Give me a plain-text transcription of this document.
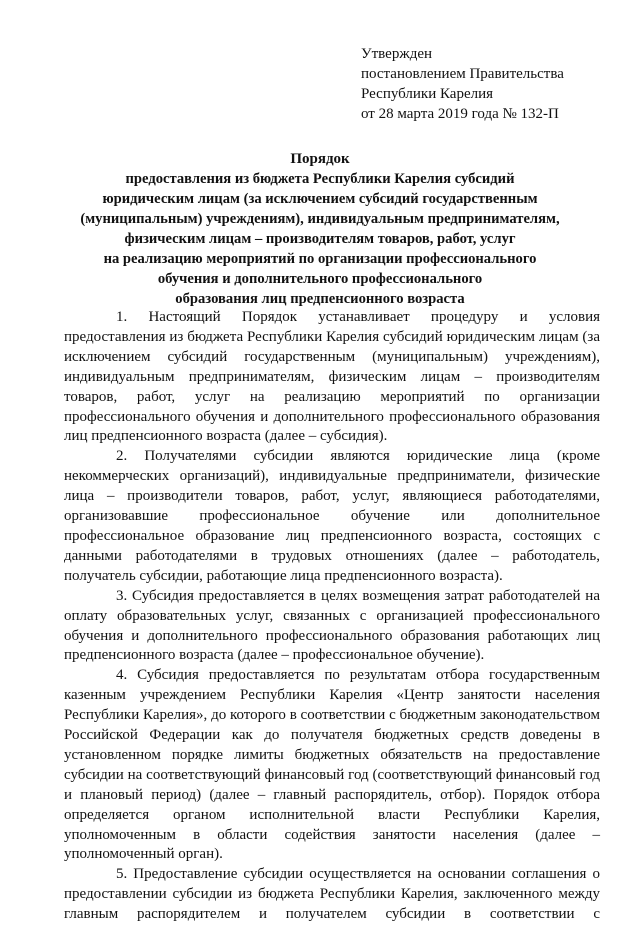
Утвержден
постановлением Правительства
Республики Карелия
от 28 марта 2019 года № 132-П
Порядок
предоставления из бюджета Республики Карелия субсидий
юридическим лицам (за исключением субсидий государственным
(муниципальным) учреждениям), индивидуальным предпринимателям,
физическим лицам – производителям товаров, работ, услуг
на реализацию мероприятий по организации профессионального
обучения и дополнительного профессионального
образования лиц предпенсионного возраста

1. Настоящий Порядок устанавливает процедуру и условия предоставления из бюджета Республики Карелия субсидий юридическим лицам (за исключением субсидий государственным (муниципальным) учреждениям), индивидуальным предпринимателям, физическим лицам – производителям товаров, работ, услуг на реализацию мероприятий по организации профессионального обучения и дополнительного профессионального образования лиц предпенсионного возраста (далее – субсидия).

2. Получателями субсидии являются юридические лица (кроме некоммерческих организаций), индивидуальные предприниматели, физические лица – производители товаров, работ, услуг, являющиеся работодателями, организовавшие профессиональное обучение или дополнительное профессиональное образование лиц предпенсионного возраста, состоящих с данными работодателями в трудовых отношениях (далее – работодатель, получатель субсидии, работающие лица предпенсионного возраста).

3. Субсидия предоставляется в целях возмещения затрат работодателей на оплату образовательных услуг, связанных с организацией профессионального обучения и дополнительного профессионального образования работающих лиц предпенсионного возраста (далее – профессиональное обучение).

4. Субсидия предоставляется по результатам отбора государственным казенным учреждением Республики Карелия «Центр занятости населения Республики Карелия», до которого в соответствии с бюджетным законодательством Российской Федерации как до получателя бюджетных средств доведены в установленном порядке лимиты бюджетных обязательств на предоставление субсидии на соответствующий финансовый год (соответствующий финансовый год и плановый период) (далее – главный распорядитель, отбор). Порядок отбора определяется органом исполнительной власти Республики Карелия, уполномоченным в области содействия занятости населения (далее – уполномоченный орган).

5. Предоставление субсидии осуществляется на основании соглашения о предоставлении субсидии из бюджета Республики Карелия, заключенного между главным распорядителем и получателем субсидии в соответствии с
